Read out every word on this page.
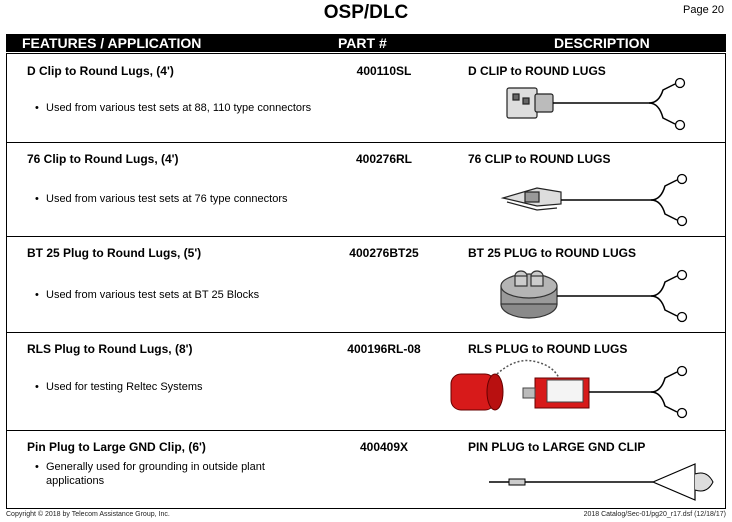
OSP/DLC	Page 20
FEATURES / APPLICATION	PART #	DESCRIPTION
D Clip to Round Lugs, (4')	400110SL	D CLIP to ROUND LUGS
• Used from various test sets at 88, 110 type connectors
76 Clip to Round Lugs, (4')	400276RL	76 CLIP to ROUND LUGS
• Used from various test sets at 76 type connectors
BT 25 Plug to Round Lugs, (5')	400276BT25	BT 25 PLUG to ROUND LUGS
• Used from various test sets at BT 25 Blocks
RLS Plug to Round Lugs, (8')	400196RL-08	RLS PLUG to ROUND LUGS
• Used for testing Reltec Systems
Pin Plug to Large GND Clip, (6')	400409X	PIN PLUG to LARGE GND CLIP
• Generally used for grounding in outside plant applications
Copyright © 2018 by Telecom Assistance Group, Inc.	2018 Catalog/Sec-01/pg20_r17.dsf (12/18/17)
